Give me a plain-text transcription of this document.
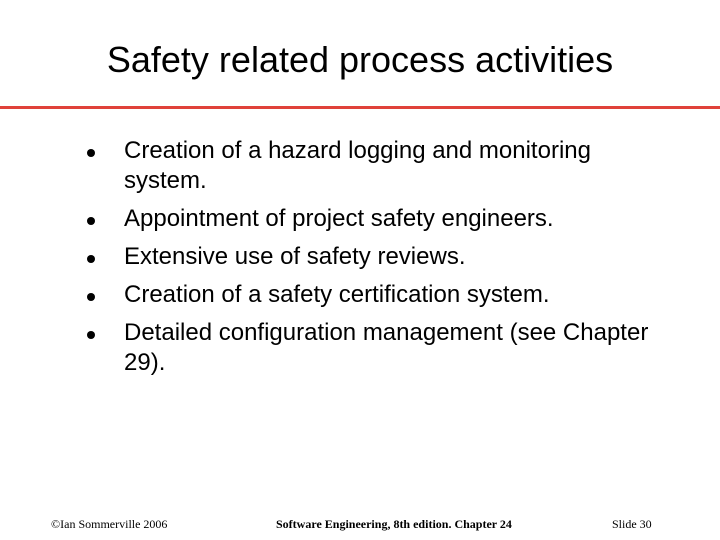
Safety related process activities
Creation of a hazard logging and monitoring system.
Appointment of project safety engineers.
Extensive use of safety reviews.
Creation of a safety certification system.
Detailed configuration management (see Chapter 29).
©Ian Sommerville 2006	Software Engineering, 8th edition. Chapter 24	Slide 30
